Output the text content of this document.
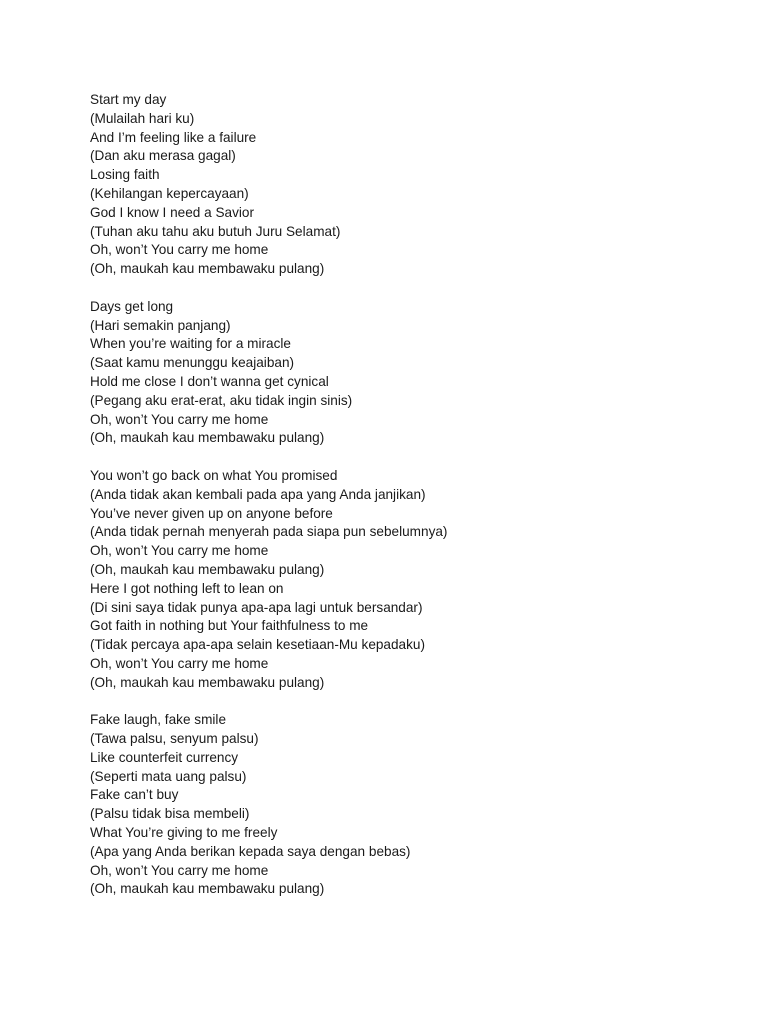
Start my day
(Mulailah hari ku)
And I’m feeling like a failure
(Dan aku merasa gagal)
Losing faith
(Kehilangan kepercayaan)
God I know I need a Savior
(Tuhan aku tahu aku butuh Juru Selamat)
Oh, won’t You carry me home
(Oh, maukah kau membawaku pulang)
Days get long
(Hari semakin panjang)
When you’re waiting for a miracle
(Saat kamu menunggu keajaiban)
Hold me close I don’t wanna get cynical
(Pegang aku erat-erat, aku tidak ingin sinis)
Oh, won’t You carry me home
(Oh, maukah kau membawaku pulang)
You won’t go back on what You promised
(Anda tidak akan kembali pada apa yang Anda janjikan)
You’ve never given up on anyone before
(Anda tidak pernah menyerah pada siapa pun sebelumnya)
Oh, won’t You carry me home
(Oh, maukah kau membawaku pulang)
Here I got nothing left to lean on
(Di sini saya tidak punya apa-apa lagi untuk bersandar)
Got faith in nothing but Your faithfulness to me
(Tidak percaya apa-apa selain kesetiaan-Mu kepadaku)
Oh, won’t You carry me home
(Oh, maukah kau membawaku pulang)
Fake laugh, fake smile
(Tawa palsu, senyum palsu)
Like counterfeit currency
(Seperti mata uang palsu)
Fake can’t buy
(Palsu tidak bisa membeli)
What You’re giving to me freely
(Apa yang Anda berikan kepada saya dengan bebas)
Oh, won’t You carry me home
(Oh, maukah kau membawaku pulang)
